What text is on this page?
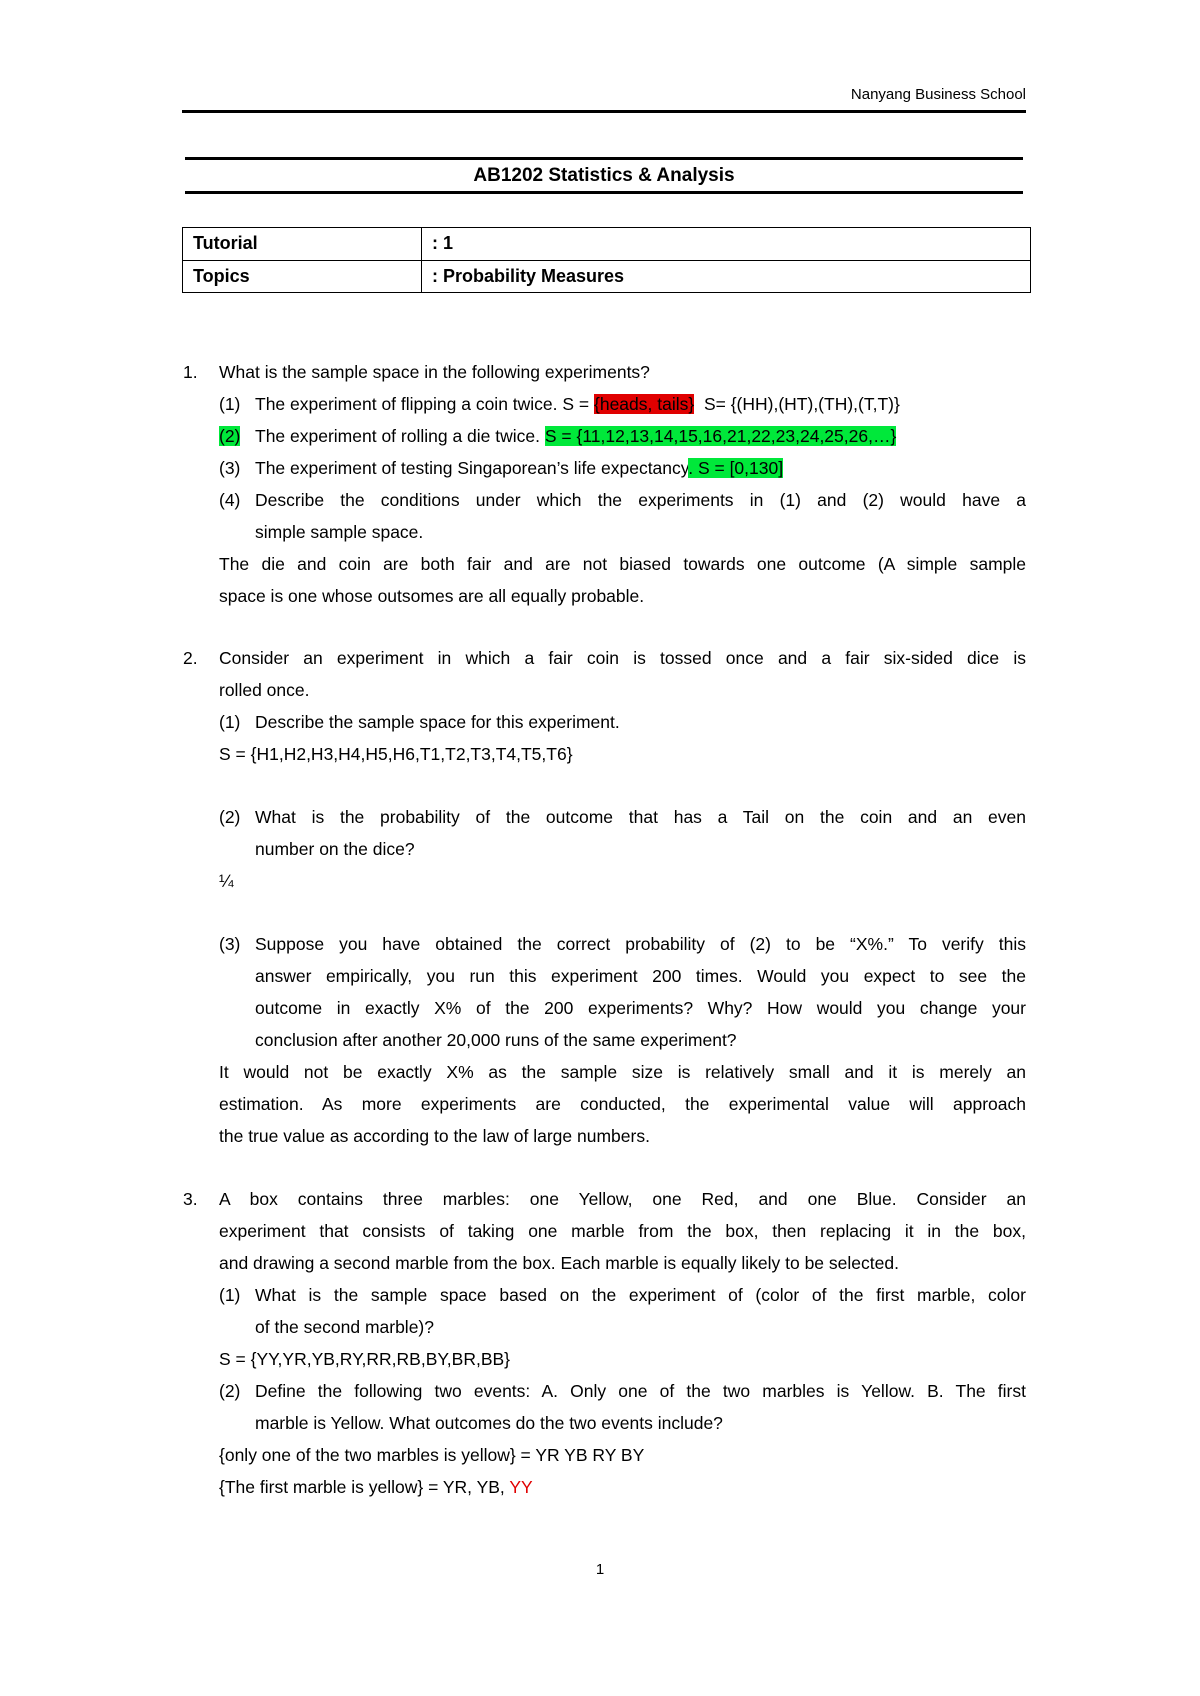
Nanyang Business School
AB1202 Statistics & Analysis
Tutorial	: 1
Topics	: Probability Measures
1.	What is the sample space in the following experiments?
(1) The experiment of flipping a coin twice. S = {heads, tails}  S= {(HH),(HT),(TH),(T,T)}
(2) The experiment of rolling a die twice. S = {11,12,13,14,15,16,21,22,23,24,25,26,…}
(3) The experiment of testing Singaporean’s life expectancy. S = [0,130]
(4) Describe the conditions under which the experiments in (1) and (2) would have a
simple sample space.
The die and coin are both fair and are not biased towards one outcome (A simple sample
space is one whose outsomes are all equally probable.
2.	Consider an experiment in which a fair coin is tossed once and a fair six-sided dice is
rolled once.
(1) Describe the sample space for this experiment.
S = {H1,H2,H3,H4,H5,H6,T1,T2,T3,T4,T5,T6}
(2) What is the probability of the outcome that has a Tail on the coin and an even
number on the dice?
¼
(3) Suppose you have obtained the correct probability of (2) to be “X%.” To verify this
answer empirically, you run this experiment 200 times. Would you expect to see the
outcome in exactly X% of the 200 experiments? Why? How would you change your
conclusion after another 20,000 runs of the same experiment?
It would not be exactly X% as the sample size is relatively small and it is merely an
estimation. As more experiments are conducted, the experimental value will approach
the true value as according to the law of large numbers.
3.	A box contains three marbles: one Yellow, one Red, and one Blue. Consider an
experiment that consists of taking one marble from the box, then replacing it in the box,
and drawing a second marble from the box. Each marble is equally likely to be selected.
(1) What is the sample space based on the experiment of (color of the first marble, color
of the second marble)?
S = {YY,YR,YB,RY,RR,RB,BY,BR,BB}
(2) Define the following two events: A. Only one of the two marbles is Yellow. B. The first
marble is Yellow. What outcomes do the two events include?
{only one of the two marbles is yellow} = YR YB RY BY
{The first marble is yellow} = YR, YB, YY
1
